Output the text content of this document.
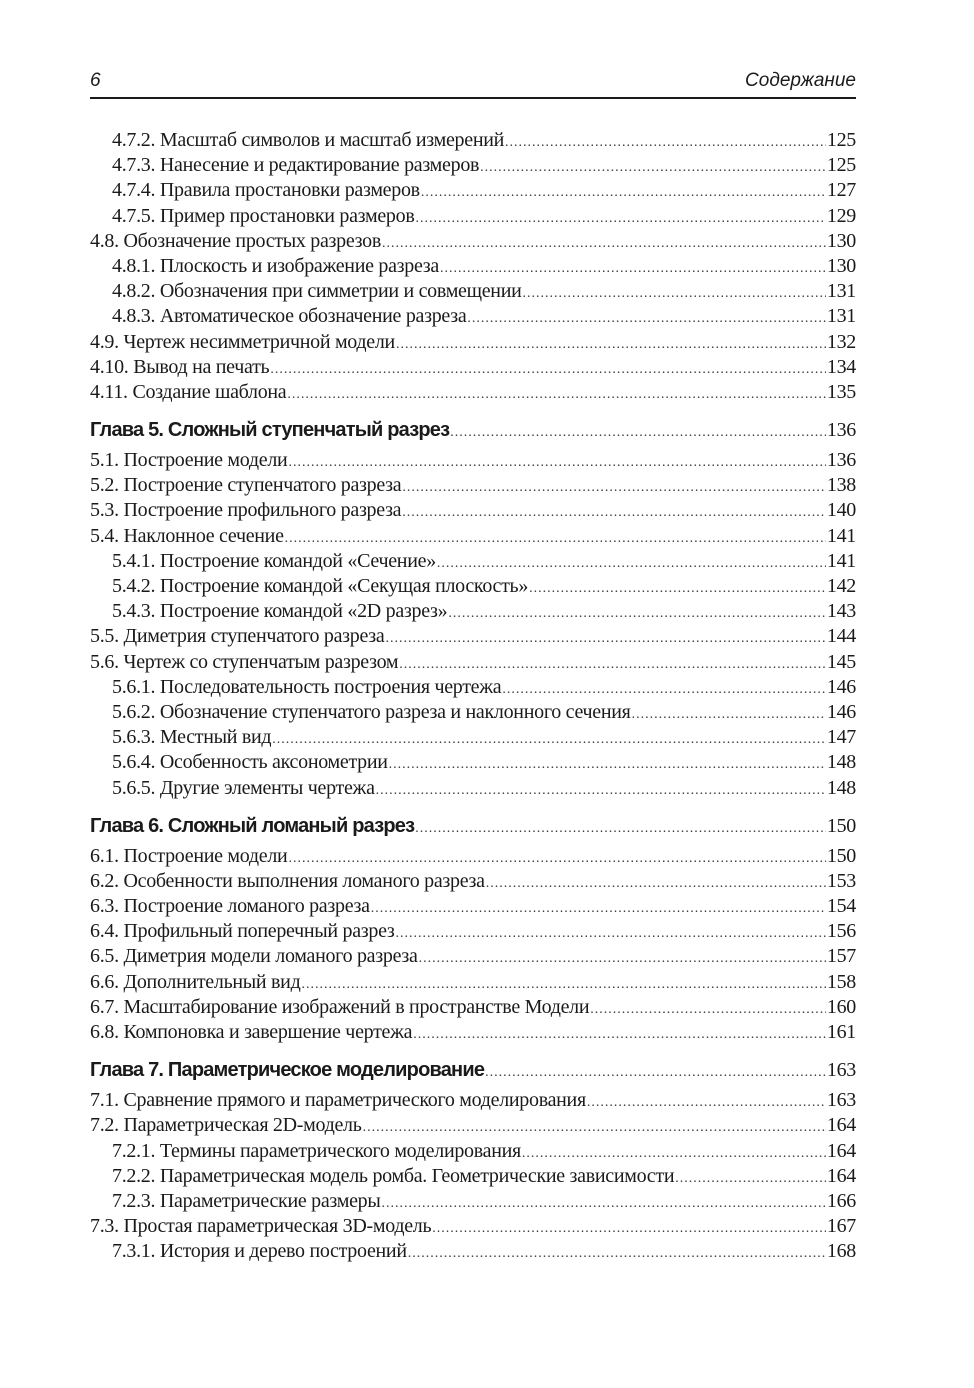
6	Содержание
4.7.2. Масштаб символов и масштаб измерений .....	125
4.7.3. Нанесение и редактирование размеров .....	125
4.7.4. Правила простановки размеров .....	127
4.7.5. Пример простановки размеров .....	129
4.8. Обозначение простых разрезов .....	130
4.8.1. Плоскость и изображение разреза .....	130
4.8.2. Обозначения при симметрии и совмещении .....	131
4.8.3. Автоматическое обозначение разреза .....	131
4.9. Чертеж несимметричной модели .....	132
4.10. Вывод на печать .....	134
4.11. Создание шаблона .....	135
Глава 5. Сложный ступенчатый разрез .....	136
5.1. Построение модели .....	136
5.2. Построение ступенчатого разреза .....	138
5.3. Построение профильного разреза .....	140
5.4. Наклонное сечение .....	141
5.4.1. Построение командой «Сечение» .....	141
5.4.2. Построение командой «Секущая плоскость» .....	142
5.4.3. Построение командой «2D разрез» .....	143
5.5. Диметрия ступенчатого разреза .....	144
5.6. Чертеж со ступенчатым разрезом .....	145
5.6.1. Последовательность построения чертежа .....	146
5.6.2. Обозначение ступенчатого разреза и наклонного сечения .....	146
5.6.3. Местный вид .....	147
5.6.4. Особенность аксонометрии .....	148
5.6.5. Другие элементы чертежа .....	148
Глава 6. Сложный ломаный разрез .....	150
6.1. Построение модели .....	150
6.2. Особенности выполнения ломаного разреза .....	153
6.3. Построение ломаного разреза .....	154
6.4. Профильный поперечный разрез .....	156
6.5. Диметрия модели ломаного разреза .....	157
6.6. Дополнительный вид .....	158
6.7. Масштабирование изображений в пространстве Модели .....	160
6.8. Компоновка и завершение чертежа .....	161
Глава 7. Параметрическое моделирование .....	163
7.1. Сравнение прямого и параметрического моделирования .....	163
7.2. Параметрическая 2D-модель .....	164
7.2.1. Термины параметрического моделирования .....	164
7.2.2. Параметрическая модель ромба. Геометрические зависимости .....	164
7.2.3. Параметрические размеры .....	166
7.3. Простая параметрическая 3D-модель .....	167
7.3.1. История и дерево построений .....	168
